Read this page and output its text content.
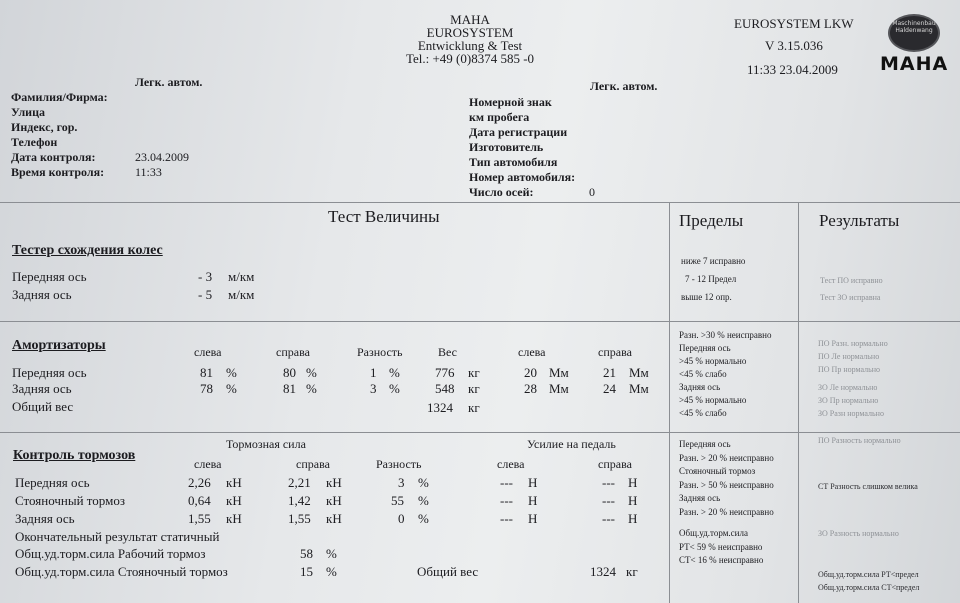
MAHA
EUROSYSTEM
Entwicklung & Test
Tel.: +49 (0)8374 585 -0
EUROSYSTEM LKW
V 3.15.036
11:33 23.04.2009
Maschinenbau Haldenwang
MAHA
Легк. автом.
Фамилия/Фирма:
Улица
Индекс, гор.
Телефон
Дата контроля:
Время контроля:
23.04.2009
11:33
Легк. автом.
Номерной знак
км пробега
Дата регистрации
Изготовитель
Тип автомобиля
Номер автомобиля:
Число осей:	0
Тест Величины	Пределы	Результаты
Тестер схождения колес
Передняя ось	- 3 м/км
Задняя ось	- 5 м/км
ниже 7 исправно
7 - 12 Предел
выше 12 опр.
Тест ПО исправно
Тест ЗО исправна
Амортизаторы	слева	справа	Разность	Вес	слева	справа
Передняя ось	81 %	80 %	1 %	776 кг	20 Мм	21 Мм
Задняя ось	78 %	81 %	3 %	548 кг	28 Мм	24 Мм
Общий вес	1324 кг
Разн. >30 % неисправно
Передняя ось
>45 % нормально
<45 % слабо
Задняя ось
>45 % нормально
<45 % слабо
ПО Разн. нормально
ПО Ле нормально
ПО Пр нормально
ЗО Ле нормально
ЗО Пр нормально
ЗО Разн нормально
Тормозная сила	Усилие на педаль
Контроль тормозов
слева	справа	Разность	слева	справа
Передняя ось	2,26 кН	2,21 кН	3 %	--- Н	--- Н
Стояночный тормоз	0,64 кН	1,42 кН	55 %	--- Н	--- Н
Задняя ось	1,55 кН	1,55 кН	0 %	--- Н	--- Н
Окончательный результат статичный
Общ.уд.торм.сила Рабочий тормоз	58 %
Общ.уд.торм.сила Стояночный тормоз	15 %	Общий вес	1324 кг
Передняя ось
Разн. > 20 % неисправно
Стояночный тормоз
Разн. > 50 % неисправно
Задняя ось
Разн. > 20 % неисправно
Общ.уд.торм.сила
РТ< 59 % неисправно
СТ< 16 % неисправно
ПО Разность нормально
СТ Разность слишком велика
ЗО Разность нормально
Общ.уд.торм.сила РТ<предел
Общ.уд.торм.сила СТ<предел
